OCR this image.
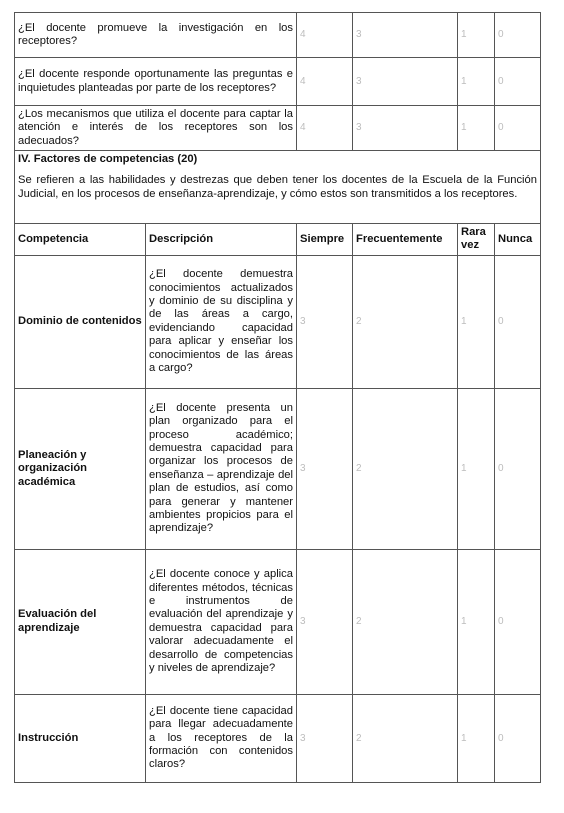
¿El docente promueve la investigación en los receptores?		4	3	1	0
¿El docente responde oportunamente las preguntas e inquietudes planteadas por parte de los receptores?		4	3	1	0
¿Los mecanismos que utiliza el docente para captar la atención e interés de los receptores son los adecuados?		4	3	1	0

IV. Factores de competencias (20)
Se refieren a las habilidades y destrezas que deben tener los docentes de la Escuela de la Función Judicial, en los procesos de enseñanza-aprendizaje, y cómo estos son transmitidos a los receptores.					

Competencia	Descripción	Siempre	Frecuentemente	Rara vez	Nunca
Dominio de contenidos	¿El docente demuestra conocimientos actualizados y dominio de su disciplina y de las áreas a cargo, evidenciando capacidad para aplicar y enseñar los conocimientos de las áreas a cargo?	3	2	1	0
Planeación y organización académica	¿El docente presenta un plan organizado para el proceso académico; demuestra capacidad para organizar los procesos de enseñanza – aprendizaje del plan de estudios, así como para generar y mantener ambientes propicios para el aprendizaje?	3	2	1	0
Evaluación del aprendizaje	¿El docente conoce y aplica diferentes métodos, técnicas e instrumentos de evaluación del aprendizaje y demuestra capacidad para valorar adecuadamente el desarrollo de competencias y niveles de aprendizaje?	3	2	1	0
Instrucción	¿El docente tiene capacidad para llegar adecuadamente a los receptores de la formación con contenidos claros?	3	2	1	0
